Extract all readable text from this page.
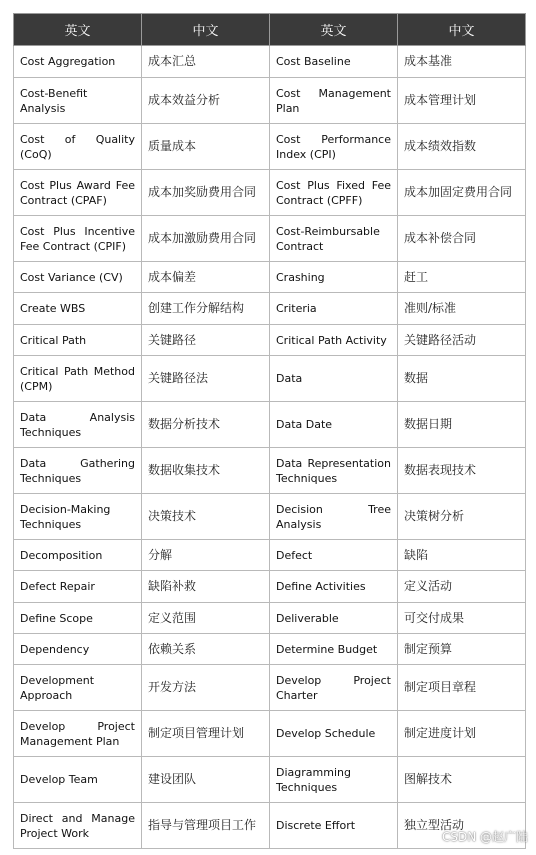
英文	中文	英文	中文
Cost Aggregation	成本汇总	Cost Baseline	成本基准
Cost-Benefit Analysis	成本效益分析	Cost Management Plan	成本管理计划
Cost of Quality (CoQ)	质量成本	Cost Performance Index (CPI)	成本绩效指数
Cost Plus Award Fee Contract (CPAF)	成本加奖励费用合同	Cost Plus Fixed Fee Contract (CPFF)	成本加固定费用合同
Cost Plus Incentive Fee Contract (CPIF)	成本加激励费用合同	Cost-Reimbursable Contract	成本补偿合同
Cost Variance (CV)	成本偏差	Crashing	赶工
Create WBS	创建工作分解结构	Criteria	准则/标准
Critical Path	关键路径	Critical Path Activity	关键路径活动
Critical Path Method (CPM)	关键路径法	Data	数据
Data Analysis Techniques	数据分析技术	Data Date	数据日期
Data Gathering Techniques	数据收集技术	Data Representation Techniques	数据表现技术
Decision-Making Techniques	决策技术	Decision Tree Analysis	决策树分析
Decomposition	分解	Defect	缺陷
Defect Repair	缺陷补救	Define Activities	定义活动
Define Scope	定义范围	Deliverable	可交付成果
Dependency	依赖关系	Determine Budget	制定预算
Development Approach	开发方法	Develop Project Charter	制定项目章程
Develop Project Management Plan	制定项目管理计划	Develop Schedule	制定进度计划
Develop Team	建设团队	Diagramming Techniques	图解技术
Direct and Manage Project Work	指导与管理项目工作	Discrete Effort	独立型活动
CSDN @赵广陆
